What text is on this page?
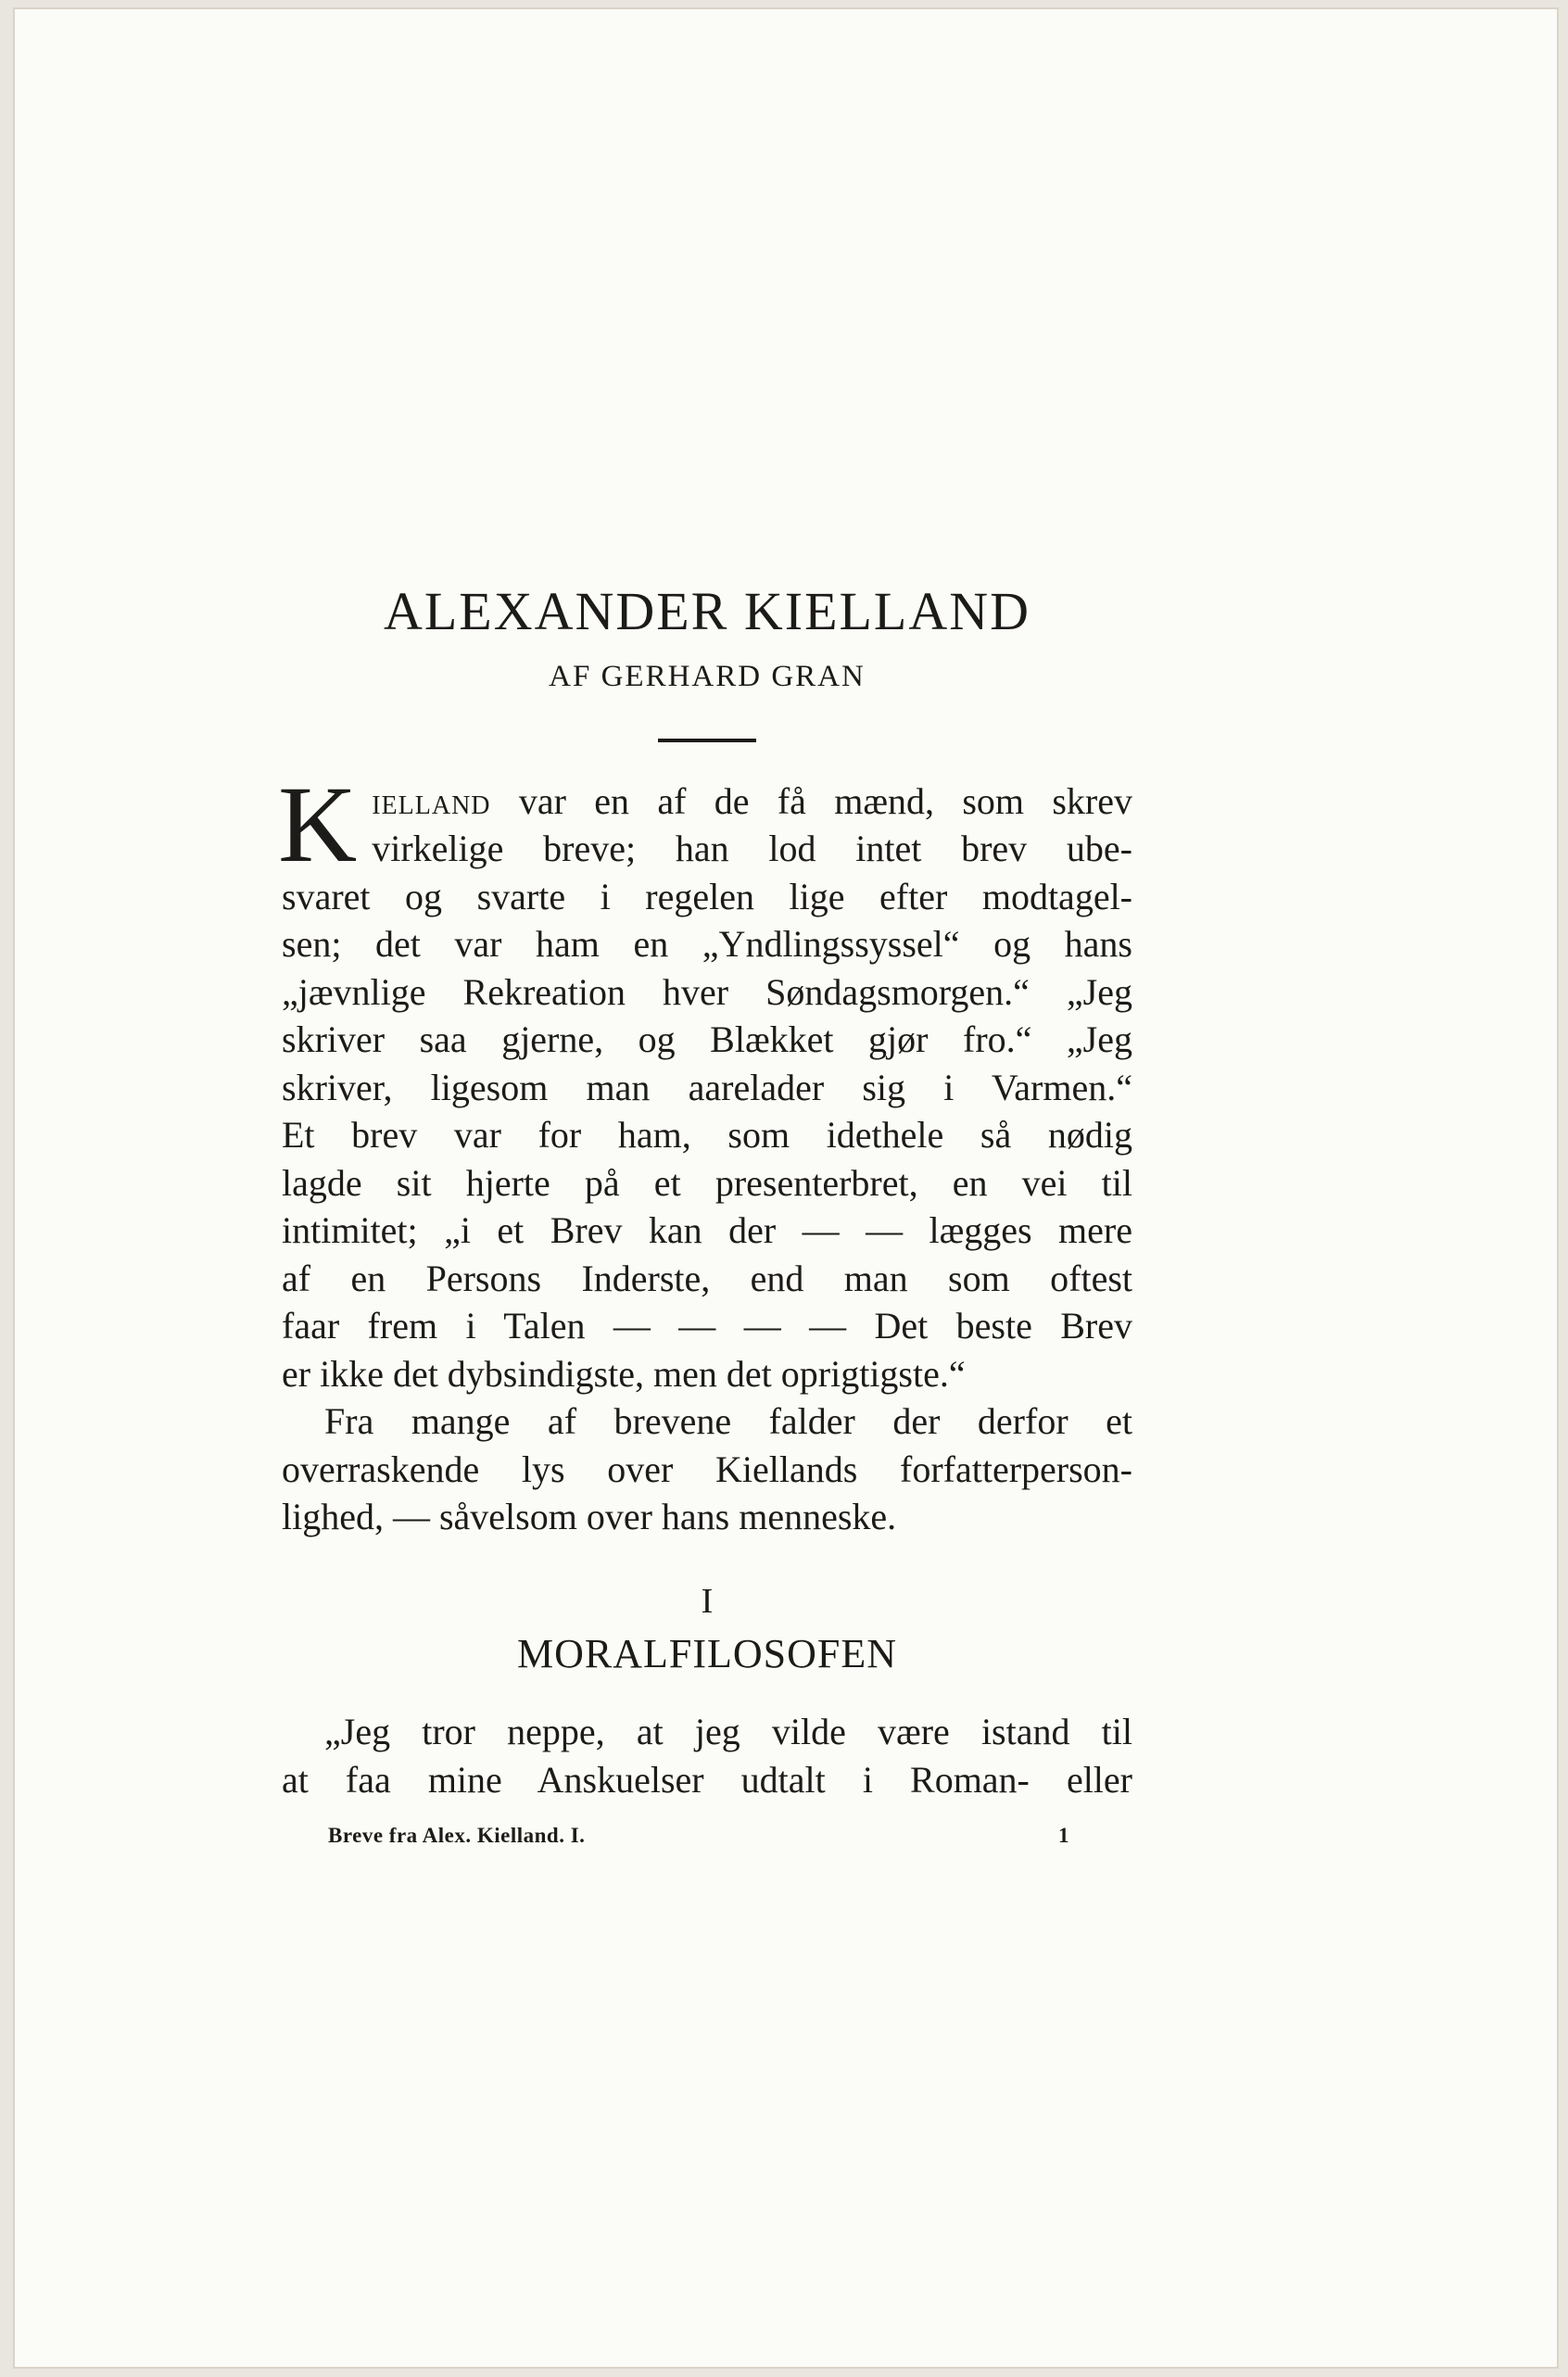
ALEXANDER KIELLAND
AF GERHARD GRAN
K ielland var en af de få mænd, som skrev
virkelige breve; han lod intet brev ube-
svaret og svarte i regelen lige efter modtagel-
sen; det var ham en „Yndlingssyssel“ og hans
„jævnlige Rekreation hver Søndagsmorgen.“ „Jeg
skriver saa gjerne, og Blækket gjør fro.“ „Jeg
skriver, ligesom man aarelader sig i Varmen.“
Et brev var for ham, som idethele så nødig
lagde sit hjerte på et presenterbret, en vei til
intimitet; „i et Brev kan der — — lægges mere
af en Persons Inderste, end man som oftest
faar frem i Talen — — — — Det beste Brev
er ikke det dybsindigste, men det oprigtigste.“
Fra mange af brevene falder der derfor et
overraskende lys over Kiellands forfatterperson-
lighed, — såvelsom over hans menneske.
I
MORALFILOSOFEN
„Jeg tror neppe, at jeg vilde være istand til
at faa mine Anskuelser udtalt i Roman- eller
Breve fra Alex. Kielland. I.	1
